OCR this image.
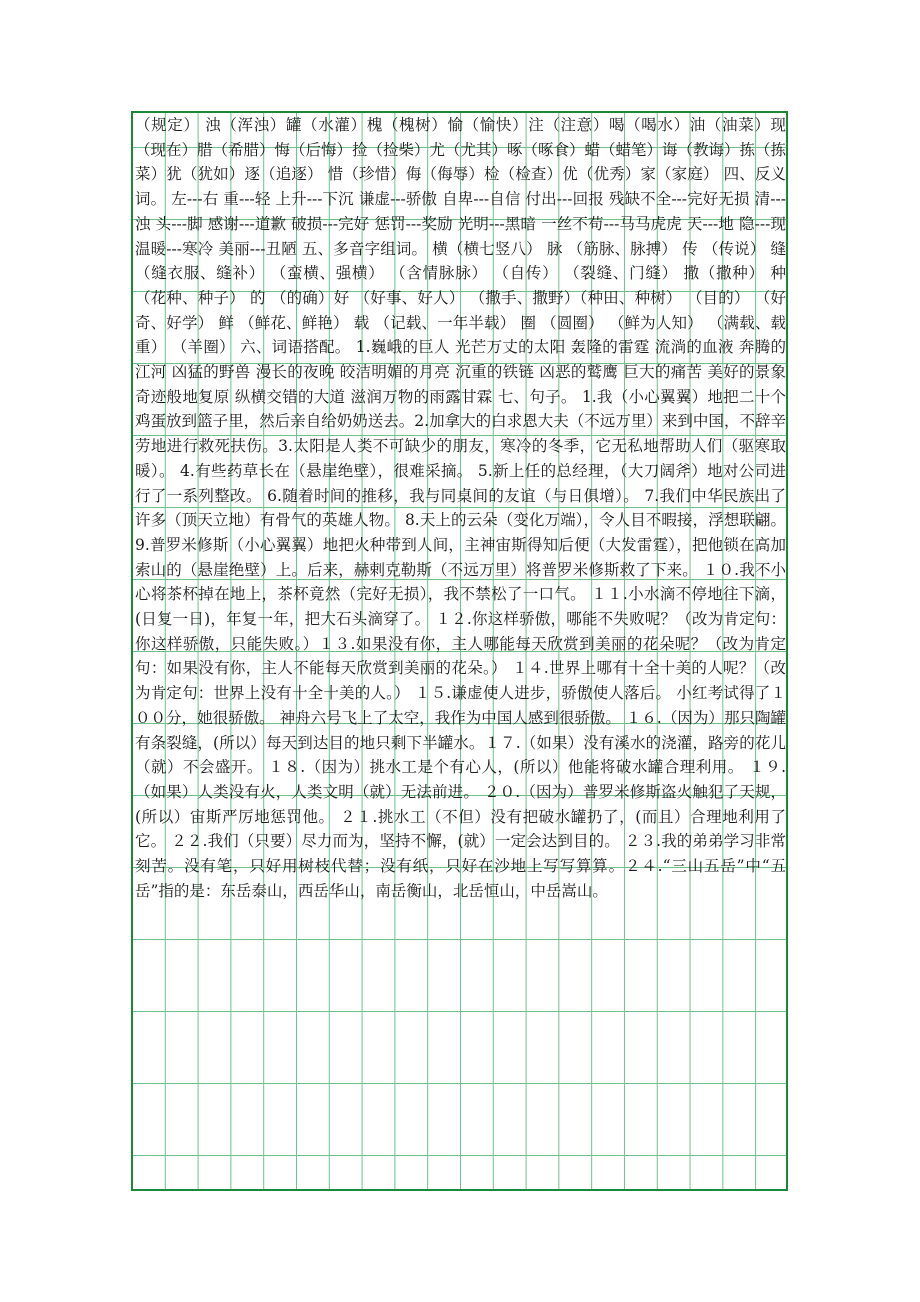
（规定） 浊（浑浊）罐（水灌）槐（槐树）愉（愉快）注（注意）喝（喝水）油（油菜）现（现在）腊（希腊）悔（后悔）捡（捡柴）尤（尤其）啄（啄食）蜡（蜡笔）诲（教诲）拣（拣菜）犹（犹如）逐（追逐） 惜（珍惜）侮（侮辱）检（检查）优（优秀）家（家庭） 四、反义词。 左---右 重---轻 上升---下沉 谦虚---骄傲 自卑---自信 付出---回报 残缺不全---完好无损 清---浊 头---脚 感谢---道歉 破损---完好 惩罚---奖励 光明---黑暗 一丝不苟---马马虎虎 天---地 隐---现 温暖---寒冷 美丽---丑陋 五、多音字组词。 横（横七竖八） 脉 （筋脉、脉搏） 传 （传说） 缝 （缝衣服、缝补） （蛮横、强横） （含情脉脉） （自传） （裂缝、门缝） 撒（撒种） 种 （花种、种子） 的 （的确）好 （好事、好人） （撒手、撒野）（种田、种树） （目的） （好奇、好学） 鲜 （鲜花、鲜艳） 载 （记载、一年半载） 圈 （圆圈） （鲜为人知） （满载、载重） （羊圈） 六、词语搭配。 1.巍峨的巨人 光芒万丈的太阳 轰隆的雷霆 流淌的血液 奔腾的江河 凶猛的野兽 漫长的夜晚 皎洁明媚的月亮 沉重的铁链 凶恶的鹫鹰 巨大的痛苦 美好的景象 奇迹般地复原 纵横交错的大道 滋润万物的雨露甘霖 七、句子。 1.我（小心翼翼）地把二十个鸡蛋放到篮子里，然后亲自给奶奶送去。2.加拿大的白求恩大夫（不远万里）来到中国，不辞辛劳地进行救死扶伤。3.太阳是人类不可缺少的朋友，寒冷的冬季，它无私地帮助人们（驱寒取暖）。 4.有些药草长在（悬崖绝壁），很难采摘。 5.新上任的总经理，（大刀阔斧）地对公司进行了一系列整改。 6.随着时间的推移，我与同桌间的友谊（与日俱增）。 7.我们中华民族出了许多（顶天立地）有骨气的英雄人物。 8.天上的云朵（变化万端），令人目不暇接，浮想联翩。 9.普罗米修斯（小心翼翼）地把火种带到人间，主神宙斯得知后便（大发雷霆），把他锁在高加 索山的（悬崖绝壁）上。后来，赫剌克勒斯（不远万里）将普罗米修斯救了下来。 １０.我不小心将茶杯掉在地上，茶杯竟然（完好无损），我不禁松了一口气。 １１.小水滴不停地往下滴，(日复一日)，年复一年，把大石头滴穿了。 １２.你这样骄傲，哪能不失败呢？（改为肯定句：你这样骄傲，只能失败。）１３.如果没有你，主人哪能每天欣赏到美丽的花朵呢？（改为肯定句：如果没有你，主人不能每天欣赏到美丽的花朵。） １４.世界上哪有十全十美的人呢？（改为肯定句：世界上没有十全十美的人。） １５.谦虚使人进步，骄傲使人落后。 小红考试得了１００分，她很骄傲。 神舟六号飞上了太空，我作为中国人感到很骄傲。 １６.（因为）那只陶罐有条裂缝，(所以）每天到达目的地只剩下半罐水。１７.（如果）没有溪水的浇灌，路旁的花儿（就）不会盛开。 １８.（因为）挑水工是个有心人，(所以）他能将破水罐合理利用。 １９.（如果）人类没有火，人类文明（就）无法前进。 ２０.（因为）普罗米修斯盗火触犯了天规，(所以）宙斯严厉地惩罚他。 ２１.挑水工（不但）没有把破水罐扔了，(而且）合理地利用了它。 ２２.我们（只要）尽力而为，坚持不懈，(就）一定会达到目的。 ２３.我的弟弟学习非常刻苦。没有笔，只好用树枝代替；没有纸，只好在沙地上写写算算。２４.“三山五岳”中“五岳”指的是：东岳泰山，西岳华山，南岳衡山，北岳恒山，中岳嵩山。
